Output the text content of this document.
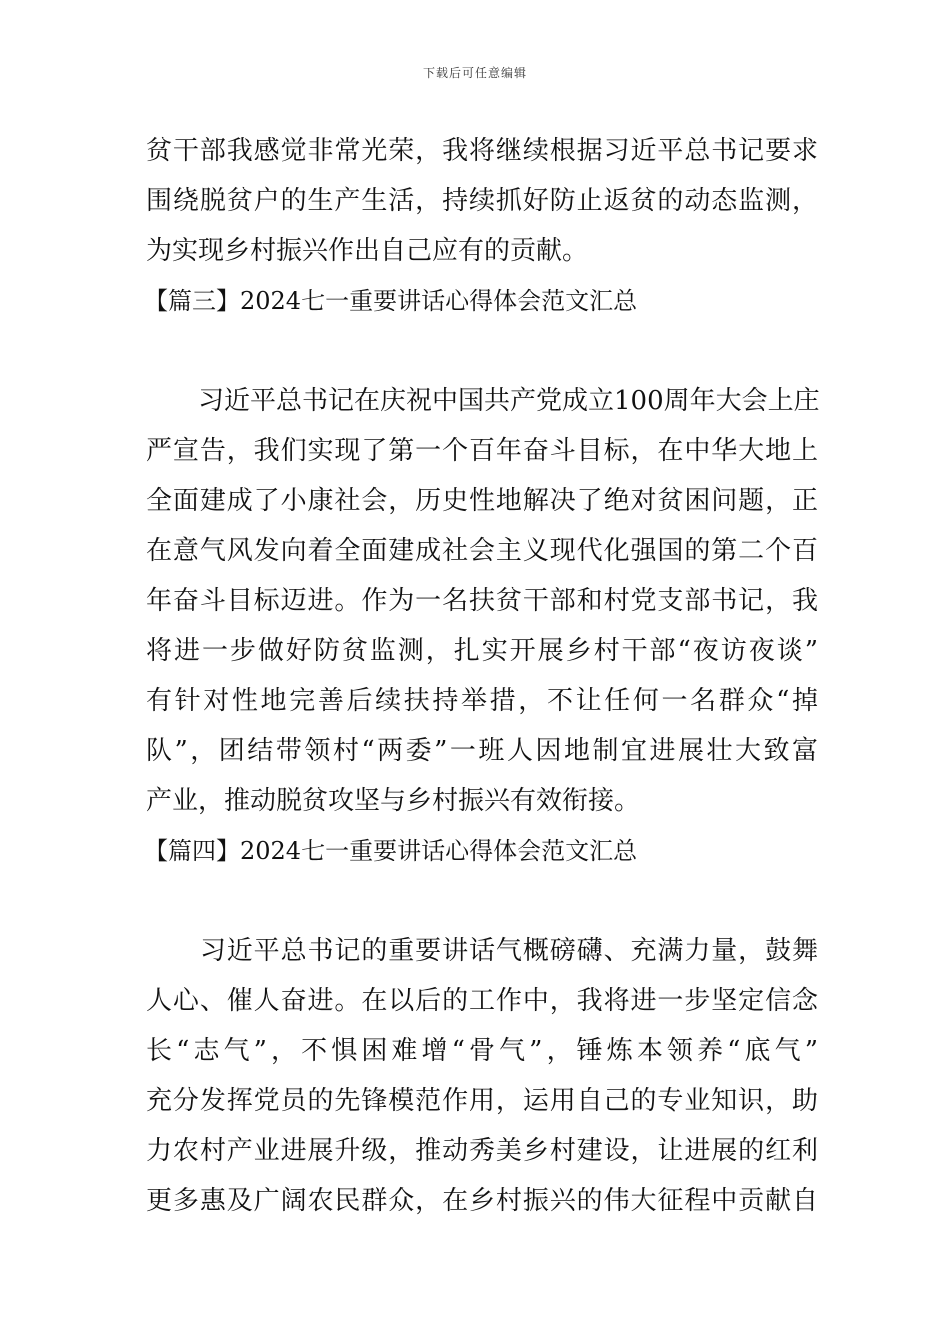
下载后可任意编辑
贫干部我感觉非常光荣，我将继续根据习近平总书记要求
围绕脱贫户的生产生活，持续抓好防止返贫的动态监测，
为实现乡村振兴作出自己应有的贡献。
【篇三】2024七一重要讲话心得体会范文汇总
　　习近平总书记在庆祝中国共产党成立100周年大会上庄
严宣告，我们实现了第一个百年奋斗目标，在中华大地上
全面建成了小康社会，历史性地解决了绝对贫困问题，正
在意气风发向着全面建成社会主义现代化强国的第二个百
年奋斗目标迈进。作为一名扶贫干部和村党支部书记，我
将进一步做好防贫监测，扎实开展乡村干部“夜访夜谈”
有针对性地完善后续扶持举措，不让任何一名群众“掉
队”，团结带领村“两委”一班人因地制宜进展壮大致富
产业，推动脱贫攻坚与乡村振兴有效衔接。
【篇四】2024七一重要讲话心得体会范文汇总
　　习近平总书记的重要讲话气概磅礴、充满力量，鼓舞
人心、催人奋进。在以后的工作中，我将进一步坚定信念
长“志气”，不惧困难增“骨气”，锤炼本领养“底气”
充分发挥党员的先锋模范作用，运用自己的专业知识，助
力农村产业进展升级，推动秀美乡村建设，让进展的红利
更多惠及广阔农民群众，在乡村振兴的伟大征程中贡献自
